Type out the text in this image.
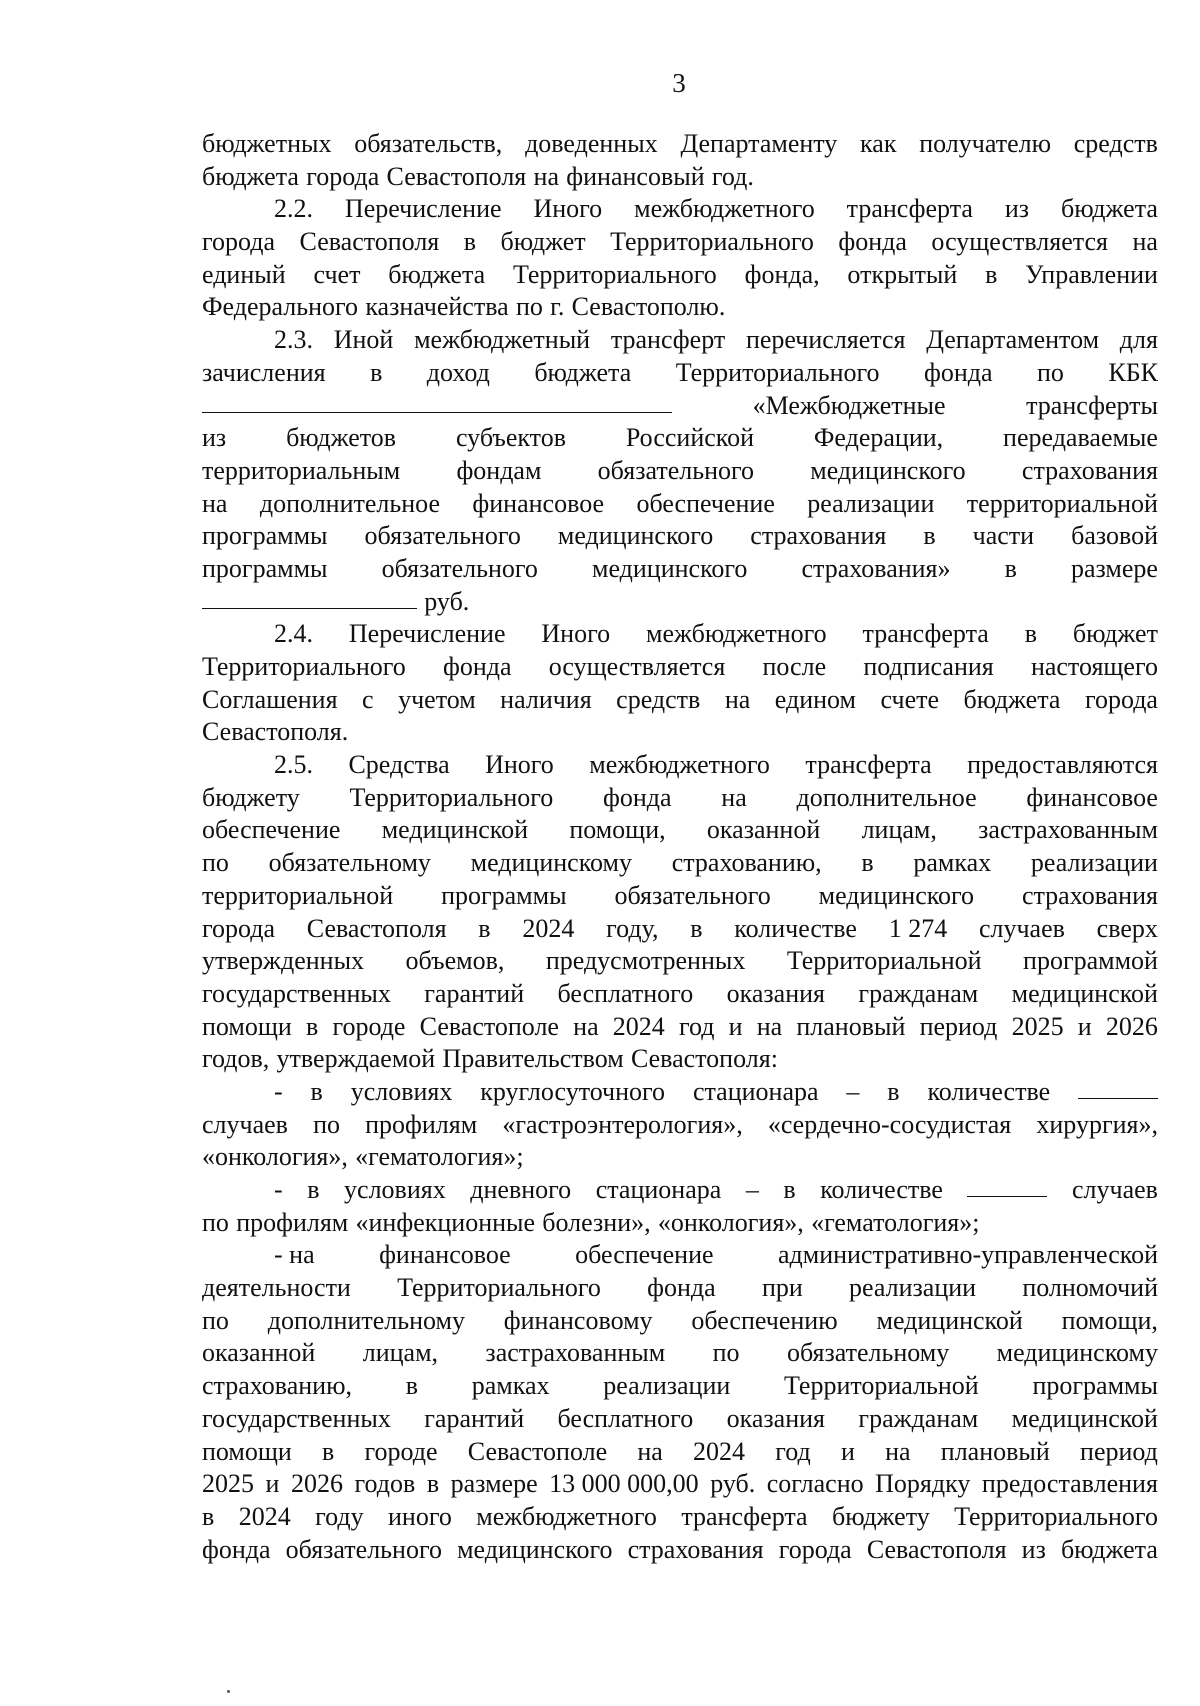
3
бюджетных обязательств, доведенных Департаменту как получателю средств
бюджета города Севастополя на финансовый год.
2.2. Перечисление Иного межбюджетного трансферта из бюджета
города Севастополя в бюджет Территориального фонда осуществляется на
единый счет бюджета Территориального фонда, открытый в Управлении
Федерального казначейства по г. Севастополю.
2.3. Иной межбюджетный трансферт перечисляется Департаментом для
зачисления в доход бюджета Территориального фонда по КБК
«Межбюджетные	трансферты
из бюджетов субъектов Российской Федерации, передаваемые
территориальным фондам обязательного медицинского страхования
на дополнительное финансовое обеспечение реализации территориальной
программы обязательного медицинского страхования в части базовой
программы обязательного медицинского страхования» в размере
руб.
2.4. Перечисление Иного межбюджетного трансферта в бюджет
Территориального фонда осуществляется после подписания настоящего
Соглашения с учетом наличия средств на едином счете бюджета города
Севастополя.
2.5. Средства Иного межбюджетного трансферта предоставляются
бюджету Территориального фонда на дополнительное финансовое
обеспечение медицинской помощи, оказанной лицам, застрахованным
по обязательному медицинскому страхованию, в рамках реализации
территориальной программы обязательного медицинского страхования
города Севастополя в 2024 году, в количестве 1 274 случаев сверх
утвержденных объемов, предусмотренных Территориальной программой
государственных гарантий бесплатного оказания гражданам медицинской
помощи в городе Севастополе на 2024 год и на плановый период 2025 и 2026
годов, утверждаемой Правительством Севастополя:
- в условиях круглосуточного стационара – в количестве
случаев по профилям «гастроэнтерология», «сердечно-сосудистая хирургия»,
«онкология», «гематология»;
- в условиях дневного стационара – в количестве	случаев
по профилям «инфекционные болезни», «онкология», «гематология»;
- на финансовое обеспечение административно-управленческой
деятельности Территориального фонда при реализации полномочий
по дополнительному финансовому обеспечению медицинской помощи,
оказанной лицам, застрахованным по обязательному медицинскому
страхованию, в рамках реализации Территориальной программы
государственных гарантий бесплатного оказания гражданам медицинской
помощи в городе Севастополе на 2024 год и на плановый период
2025 и 2026 годов в размере 13 000 000,00 руб. согласно Порядку предоставления
в 2024 году иного межбюджетного трансферта бюджету Территориального
фонда обязательного медицинского страхования города Севастополя из бюджета
